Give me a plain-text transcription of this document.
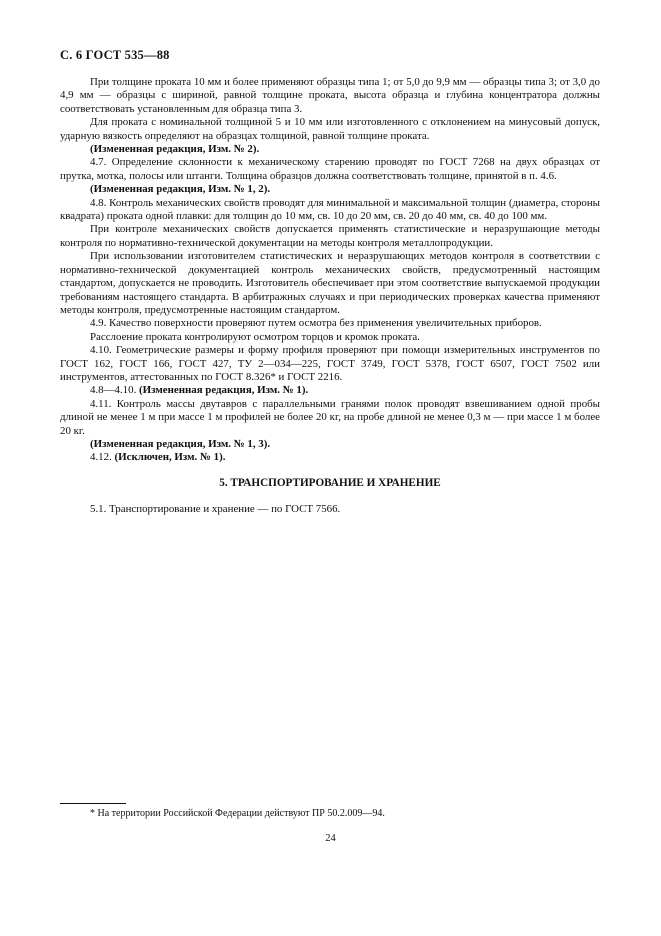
С. 6 ГОСТ 535—88

При толщине проката 10 мм и более применяют образцы типа 1; от 5,0 до 9,9 мм — образцы типа 3; от 3,0 до 4,9 мм — образцы с шириной, равной толщине проката, высота образца и глубина концентратора должны соответствовать установленным для образца типа 3.

Для проката с номинальной толщиной 5 и 10 мм или изготовленного с отклонением на минусовый допуск, ударную вязкость определяют на образцах толщиной, равной толщине проката.

(Измененная редакция, Изм. № 2).

4.7. Определение склонности к механическому старению проводят по ГОСТ 7268 на двух образцах от прутка, мотка, полосы или штанги. Толщина образцов должна соответствовать толщине, принятой в п. 4.6.

(Измененная редакция, Изм. № 1, 2).

4.8. Контроль механических свойств проводят для минимальной и максимальной толщин (диаметра, стороны квадрата) проката одной плавки: для толщин до 10 мм, св. 10 до 20 мм, св. 20 до 40 мм, св. 40 до 100 мм.

При контроле механических свойств допускается применять статистические и неразрушающие методы контроля по нормативно-технической документации на методы контроля металлопродукции.

При использовании изготовителем статистических и неразрушающих методов контроля в соответствии с нормативно-технической документацией контроль механических свойств, предусмотренный настоящим стандартом, допускается не проводить. Изготовитель обеспечивает при этом соответствие выпускаемой продукции требованиям настоящего стандарта. В арбитражных случаях и при периодических проверках качества применяют методы контроля, предусмотренные настоящим стандартом.

4.9. Качество поверхности проверяют путем осмотра без применения увеличительных приборов.

Расслоение проката контролируют осмотром торцов и кромок проката.

4.10. Геометрические размеры и форму профиля проверяют при помощи измерительных инструментов по ГОСТ 162, ГОСТ 166, ГОСТ 427, ТУ 2—034—225, ГОСТ 3749, ГОСТ 5378, ГОСТ 6507, ГОСТ 7502 или инструментов, аттестованных по ГОСТ 8.326* и ГОСТ 2216.

4.8—4.10. (Измененная редакция, Изм. № 1).

4.11. Контроль массы двутавров с параллельными гранями полок проводят взвешиванием одной пробы длиной не менее 1 м при массе 1 м профилей не более 20 кг, на пробе длиной не менее 0,3 м — при массе 1 м более 20 кг.

(Измененная редакция, Изм. № 1, 3).

4.12. (Исключен, Изм. № 1).

5. ТРАНСПОРТИРОВАНИЕ И ХРАНЕНИЕ

5.1. Транспортирование и хранение — по ГОСТ 7566.

* На территории Российской Федерации действуют ПР 50.2.009—94.
24
